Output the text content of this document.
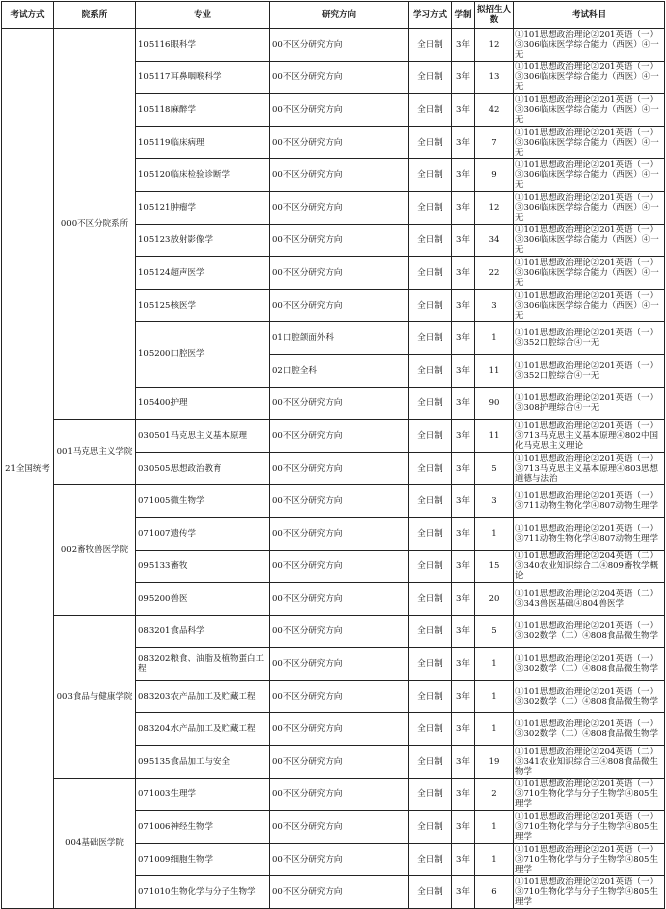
考试方式	院系所	专业	研究方向	学习方式	学制	拟招生人数	考试科目
21全国统考	000不区分院系所	105116眼科学	00不区分研究方向	全日制	3年	12	①101思想政治理论②201英语（一）③306临床医学综合能力（西医）④一无

		105117耳鼻咽喉科学	00不区分研究方向	全日制	3年	13	①101思想政治理论②201英语（一）③306临床医学综合能力（西医）④一无

		105118麻醉学	00不区分研究方向	全日制	3年	42	①101思想政治理论②201英语（一）③306临床医学综合能力（西医）④一无

		105119临床病理	00不区分研究方向	全日制	3年	7	①101思想政治理论②201英语（一）③306临床医学综合能力（西医）④一无

		105120临床检验诊断学	00不区分研究方向	全日制	3年	9	①101思想政治理论②201英语（一）③306临床医学综合能力（西医）④一无

		105121肿瘤学	00不区分研究方向	全日制	3年	12	①101思想政治理论②201英语（一）③306临床医学综合能力（西医）④一无

		105123放射影像学	00不区分研究方向	全日制	3年	34	①101思想政治理论②201英语（一）③306临床医学综合能力（西医）④一无

		105124超声医学	00不区分研究方向	全日制	3年	22	①101思想政治理论②201英语（一）③306临床医学综合能力（西医）④一无

		105125核医学	00不区分研究方向	全日制	3年	3	①101思想政治理论②201英语（一）③306临床医学综合能力（西医）④一无

		105200口腔医学	01口腔颌面外科	全日制	3年	1	①101思想政治理论②201英语（一）③352口腔综合④一无

			02口腔全科	全日制	3年	11	①101思想政治理论②201英语（一）③352口腔综合④一无

		105400护理	00不区分研究方向	全日制	3年	90	①101思想政治理论②201英语（一）③308护理综合④一无

	001马克思主义学院	030501马克思主义基本原理	00不区分研究方向	全日制	3年	11	①101思想政治理论②201英语（一）③713马克思主义基本原理④802中国化马克思主义理论

		030505思想政治教育	00不区分研究方向	全日制	3年	5	①101思想政治理论②201英语（一）③713马克思主义基本原理④803思想道德与法治

	002畜牧兽医学院	071005微生物学	00不区分研究方向	全日制	3年	3	①101思想政治理论②201英语（一）③711动物生物化学④807动物生理学

		071007遗传学	00不区分研究方向	全日制	3年	1	①101思想政治理论②201英语（一）③711动物生物化学④807动物生理学

		095133畜牧	00不区分研究方向	全日制	3年	15	①101思想政治理论②204英语（二）③340农业知识综合二④809畜牧学概论

		095200兽医	00不区分研究方向	全日制	3年	20	①101思想政治理论②204英语（二）③343兽医基础④804兽医学

	003食品与健康学院	083201食品科学	00不区分研究方向	全日制	3年	5	①101思想政治理论②201英语（一）③302数学（二）④808食品微生物学

		083202粮食、油脂及植物蛋白工程	00不区分研究方向	全日制	3年	1	①101思想政治理论②201英语（一）③302数学（二）④808食品微生物学

		083203农产品加工及贮藏工程	00不区分研究方向	全日制	3年	1	①101思想政治理论②201英语（一）③302数学（二）④808食品微生物学

		083204水产品加工及贮藏工程	00不区分研究方向	全日制	3年	1	①101思想政治理论②201英语（一）③302数学（二）④808食品微生物学

		095135食品加工与安全	00不区分研究方向	全日制	3年	19	①101思想政治理论②204英语（二）③341农业知识综合三④808食品微生物学

	004基础医学院	071003生理学	00不区分研究方向	全日制	3年	2	①101思想政治理论②201英语（一）③710生物化学与分子生物学④805生理学

		071006神经生物学	00不区分研究方向	全日制	3年	1	①101思想政治理论②201英语（一）③710生物化学与分子生物学④805生理学

		071009细胞生物学	00不区分研究方向	全日制	3年	1	①101思想政治理论②201英语（一）③710生物化学与分子生物学④805生理学

		071010生物化学与分子生物学	00不区分研究方向	全日制	3年	6	①101思想政治理论②201英语（一）③710生物化学与分子生物学④805生理学
